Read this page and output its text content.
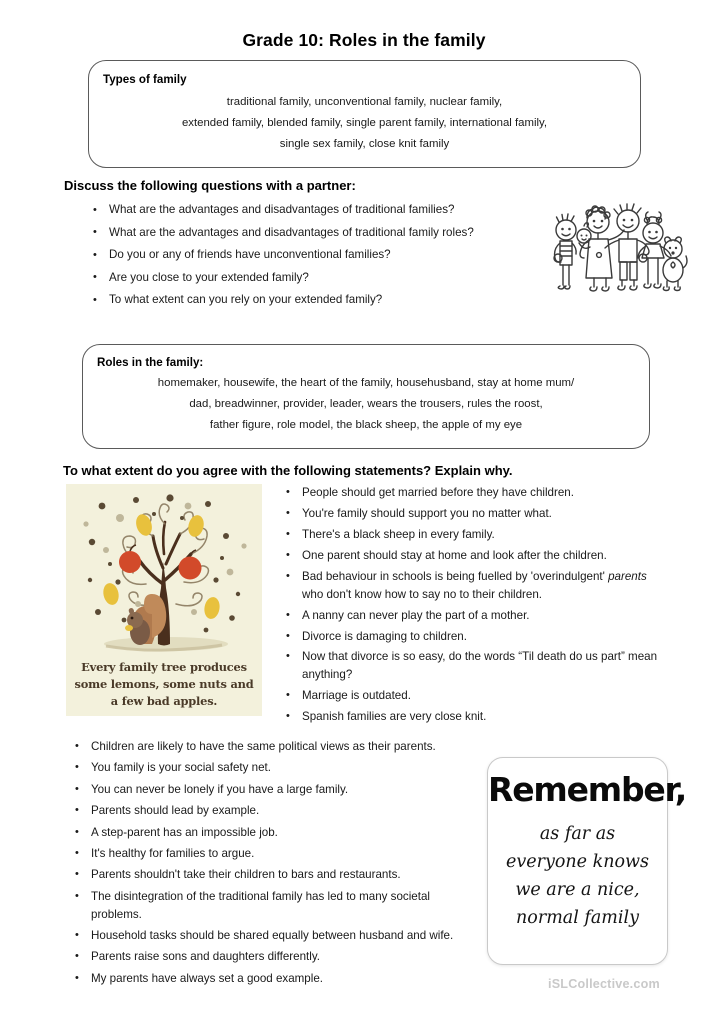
Grade 10: Roles in the family
Types of family
traditional family, unconventional family, nuclear family,
extended family, blended family, single parent family, international family,
single sex family, close knit family
Discuss the following questions with a partner:
• What are the advantages and disadvantages of traditional families?
• What are the advantages and disadvantages of traditional family roles?
• Do you or any of friends have unconventional families?
• Are you close to your extended family?
• To what extent can you rely on your extended family?
Roles in the family:
homemaker, housewife, the heart of the family, househusband, stay at home mum/
dad, breadwinner, provider, leader, wears the trousers, rules the roost,
father figure, role model, the black sheep, the apple of my eye
To what extent do you agree with the following statements? Explain why.
Every family tree produces
some lemons, some nuts and
a few bad apples.
• People should get married before they have children.
• You're family should support you no matter what.
• There's a black sheep in every family.
• One parent should stay at home and look after the children.
• Bad behaviour in schools is being fuelled by 'overindulgent' parents who don't know how to say no to their children.
• A nanny can never play the part of a mother.
• Divorce is damaging to children.
• Now that divorce is so easy, do the words “Til death do us part” mean anything?
• Marriage is outdated.
• Spanish families are very close knit.
• Children are likely to have the same political views as their parents.
• You family is your social safety net.
• You can never be lonely if you have a large family.
• Parents should lead by example.
• A step-parent has an impossible job.
• It's healthy for families to argue.
• Parents shouldn't take their children to bars and restaurants.
• The disintegration of the traditional family has led to many societal problems.
• Household tasks should be shared equally between husband and wife.
• Parents raise sons and daughters differently.
• My parents have always set a good example.
Remember,
as far as
everyone knows
we are a nice,
normal family
iSLCollective.com
